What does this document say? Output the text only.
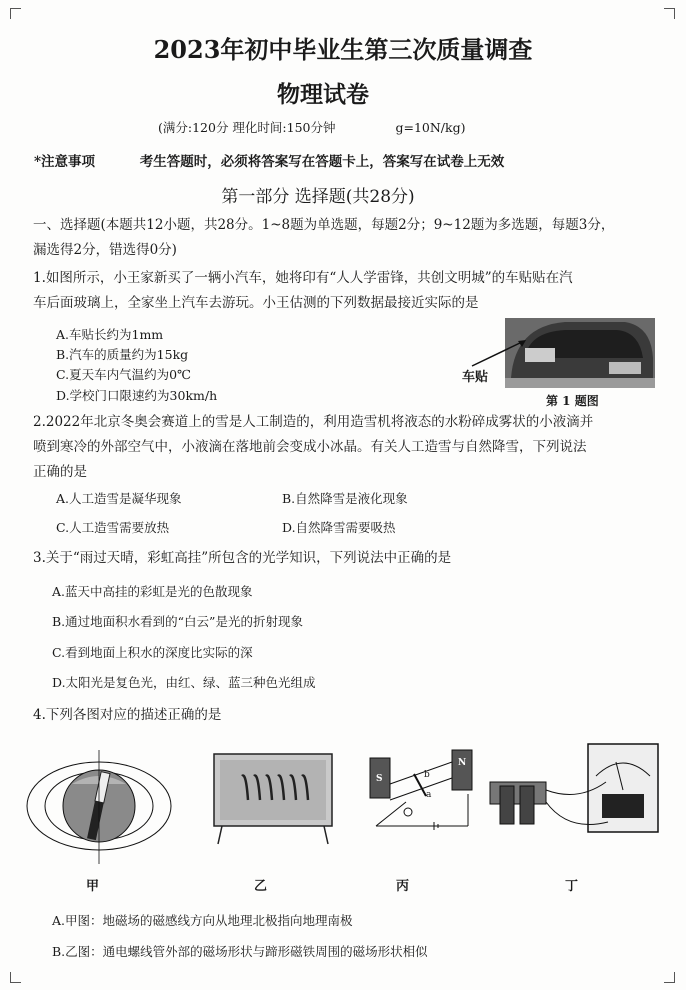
2023年初中毕业生第三次质量调查
物理试卷
(满分:120分 理化时间:150分钟	g=10N/kg)
*注意事项	考生答题时，必须将答案写在答题卡上，答案写在试卷上无效
第一部分 选择题(共28分)
一、选择题(本题共12小题，共28分。1~8题为单选题，每题2分；9~12题为多选题，每题3分，
漏选得2分，错选得0分)
1.如图所示，小王家新买了一辆小汽车，她将印有“人人学雷锋，共创文明城”的车贴贴在汽
车后面玻璃上，全家坐上汽车去游玩。小王估测的下列数据最接近实际的是
A.车贴长约为1mm
B.汽车的质量约为15kg
C.夏天车内气温约为0℃
D.学校门口限速约为30km/h
车贴
第 1 题图
2.2022年北京冬奥会赛道上的雪是人工制造的，利用造雪机将液态的水粉碎成雾状的小液滴并
喷到寒冷的外部空气中，小液滴在落地前会变成小冰晶。有关人工造雪与自然降雪，下列说法
正确的是
A.人工造雪是凝华现象	B.自然降雪是液化现象
C.人工造雪需要放热	D.自然降雪需要吸热
3.关于“雨过天晴，彩虹高挂”所包含的光学知识，下列说法中正确的是
A.蓝天中高挂的彩虹是光的色散现象
B.通过地面积水看到的“白云”是光的折射现象
C.看到地面上积水的深度比实际的深
D.太阳光是复色光，由红、绿、蓝三种色光组成
4.下列各图对应的描述正确的是
甲	乙
S
N
b
a
丙	丁
A.甲图：地磁场的磁感线方向从地理北极指向地理南极
B.乙图：通电螺线管外部的磁场形状与蹄形磁铁周围的磁场形状相似
